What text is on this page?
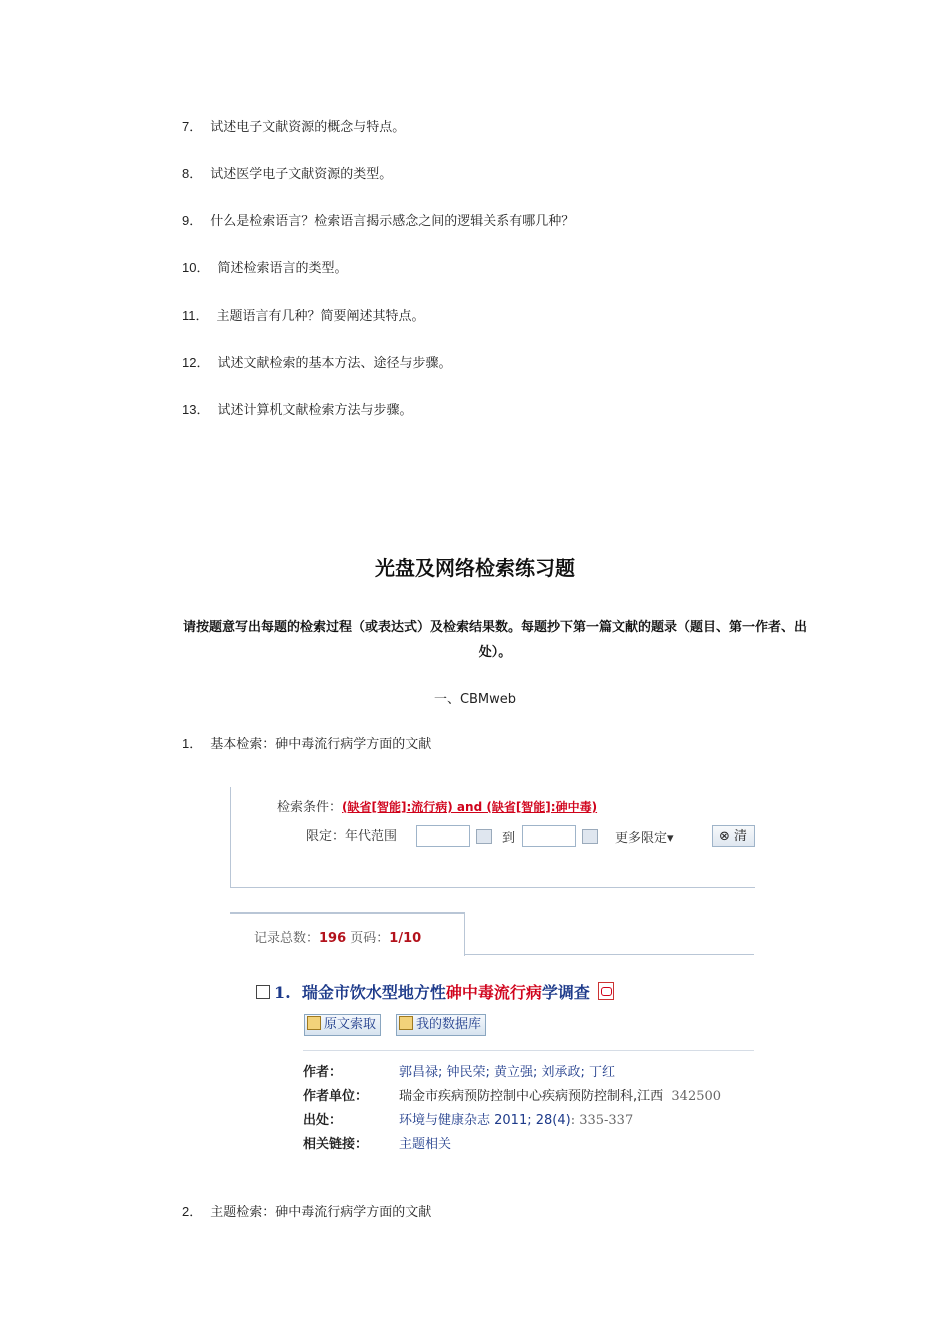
7． 试述电子文献资源的概念与特点。
8． 试述医学电子文献资源的类型。
9． 什么是检索语言？检索语言揭示感念之间的逻辑关系有哪几种？
10． 简述检索语言的类型。
11． 主题语言有几种？简要阐述其特点。
12． 试述文献检索的基本方法、途径与步骤。
13． 试述计算机文献检索方法与步骤。
光盘及网络检索练习题
请按题意写出每题的检索过程（或表达式）及检索结果数。每题抄下第一篇文献的题录（题目、第一作者、出处）。
一、CBMweb
1． 基本检索：砷中毒流行病学方面的文献
检索条件：(缺省[智能]:流行病) and (缺省[智能]:砷中毒)
限定：年代范围	到	更多限定▾	⊗ 清
记录总数：196 页码：1/10
1. 瑞金市饮水型地方性砷中毒流行病学调查
原文索取	我的数据库
作者：	郭昌禄; 钟民荣; 黄立强; 刘承政; 丁红
作者单位： 瑞金市疾病预防控制中心疾病预防控制科,江西 342500
出处：	环境与健康杂志 2011; 28(4): 335-337
相关链接： 主题相关
2． 主题检索：砷中毒流行病学方面的文献
